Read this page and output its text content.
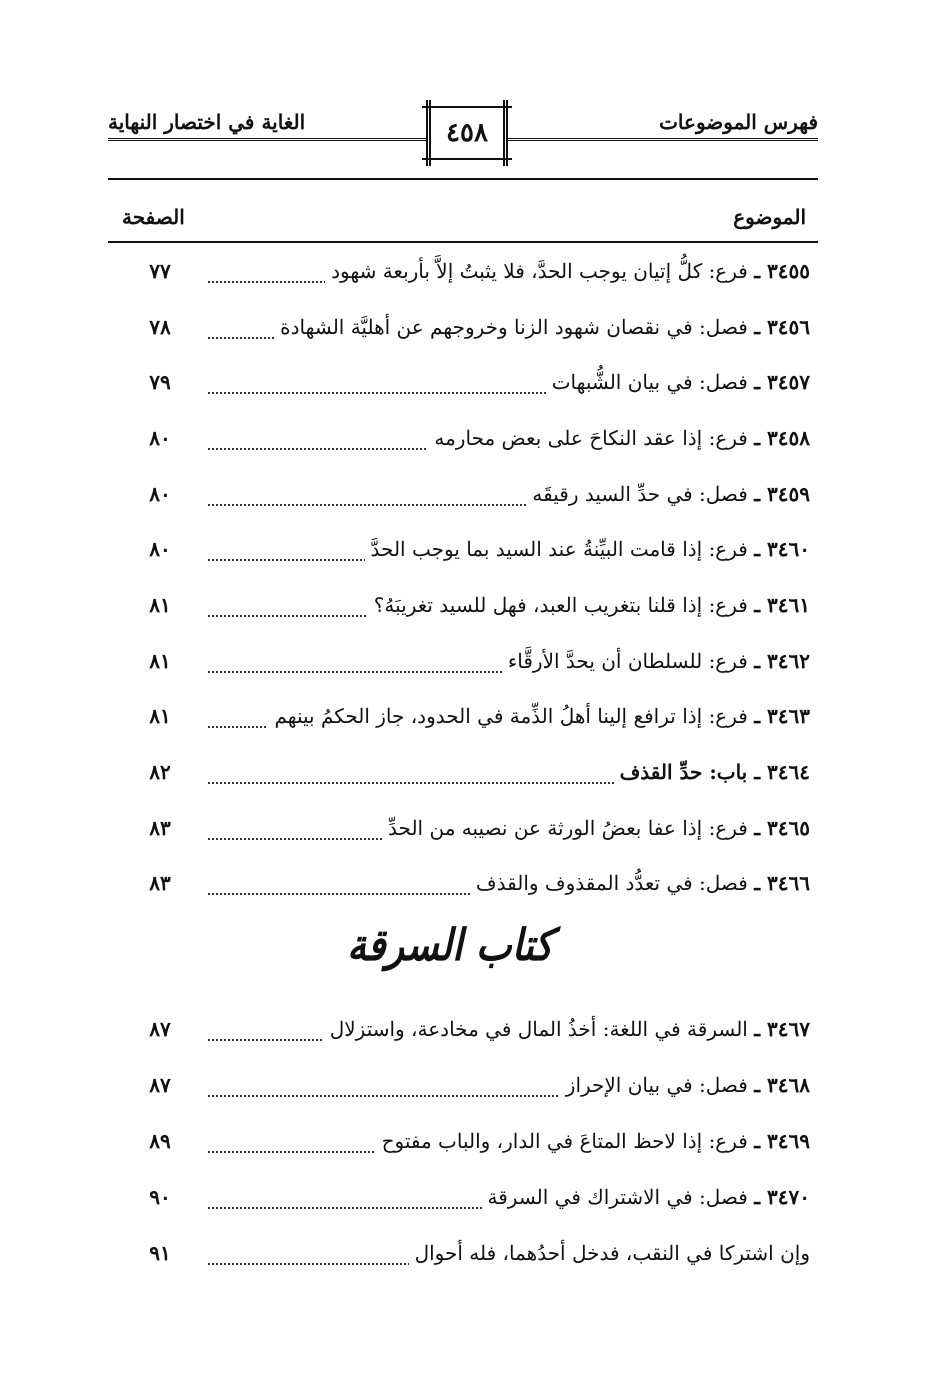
الغاية في اختصار النهاية	فهرس الموضوعات
٤٥٨
الموضوع
الصفحة
٣٤٥٥ ـ فرع: كلُّ إتيان يوجب الحدَّ، فلا يثبتُ إلاَّ بأربعة شهود
٧٧
٣٤٥٦ ـ فصل: في نقصان شهود الزنا وخروجهم عن أهليَّة الشهادة
٧٨
٣٤٥٧ ـ فصل: في بيان الشُّبهات
٧٩
٣٤٥٨ ـ فرع: إذا عقد النكاحَ على بعض محارمه
٨٠
٣٤٥٩ ـ فصل: في حدِّ السيد رقيقَه
٨٠
٣٤٦٠ ـ فرع: إذا قامت البيِّنةُ عند السيد بما يوجب الحدَّ
٨٠
٣٤٦١ ـ فرع: إذا قلنا بتغريب العبد، فهل للسيد تغريبَهُ؟
٨١
٣٤٦٢ ـ فرع: للسلطان أن يحدَّ الأرقَّاء
٨١
٣٤٦٣ ـ فرع: إذا ترافع إلينا أهلُ الذِّمة في الحدود، جاز الحكمُ بينهم
٨١
٣٤٦٤ ـ باب: حدِّ القذف
٨٢
٣٤٦٥ ـ فرع: إذا عفا بعضُ الورثة عن نصيبه من الحدِّ
٨٣
٣٤٦٦ ـ فصل: في تعدُّد المقذوف والقذف
٨٣
كتاب السرقة
٣٤٦٧ ـ السرقة في اللغة: أخذُ المال في مخادعة، واستزلال
٨٧
٣٤٦٨ ـ فصل: في بيان الإحراز
٨٧
٣٤٦٩ ـ فرع: إذا لاحظ المتاعَ في الدار، والباب مفتوح
٨٩
٣٤٧٠ ـ فصل: في الاشتراك في السرقة
٩٠
وإن اشتركا في النقب، فدخل أحدُهما، فله أحوال
٩١
